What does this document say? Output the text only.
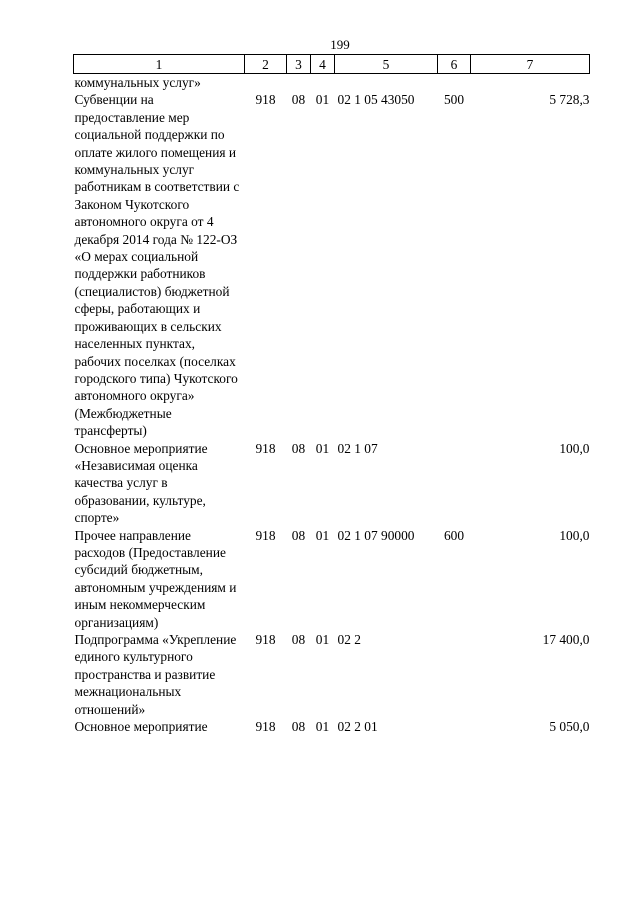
199
1	2	3	4	5	6	7
коммунальных услуг»						
Субвенции на предоставление мер социальной поддержки по оплате жилого помещения и коммунальных услуг работникам в соответствии с Законом Чукотского автономного округа от 4 декабря 2014 года № 122-ОЗ «О мерах социальной поддержки работников (специалистов) бюджетной сферы, работающих и проживающих в сельских населенных пунктах, рабочих поселках (поселках городского типа) Чукотского автономного округа» (Межбюджетные трансферты)	918	08	01	02 1 05 43050	500	5 728,3
Основное мероприятие «Независимая оценка качества услуг в образовании, культуре, спорте»	918	08	01	02 1 07		100,0
Прочее направление расходов (Предоставление субсидий бюджетным, автономным учреждениям и иным некоммерческим организациям)	918	08	01	02 1 07 90000	600	100,0
Подпрограмма «Укрепление единого культурного пространства и развитие межнациональных отношений»	918	08	01	02 2		17 400,0
Основное мероприятие	918	08	01	02 2 01		5 050,0
